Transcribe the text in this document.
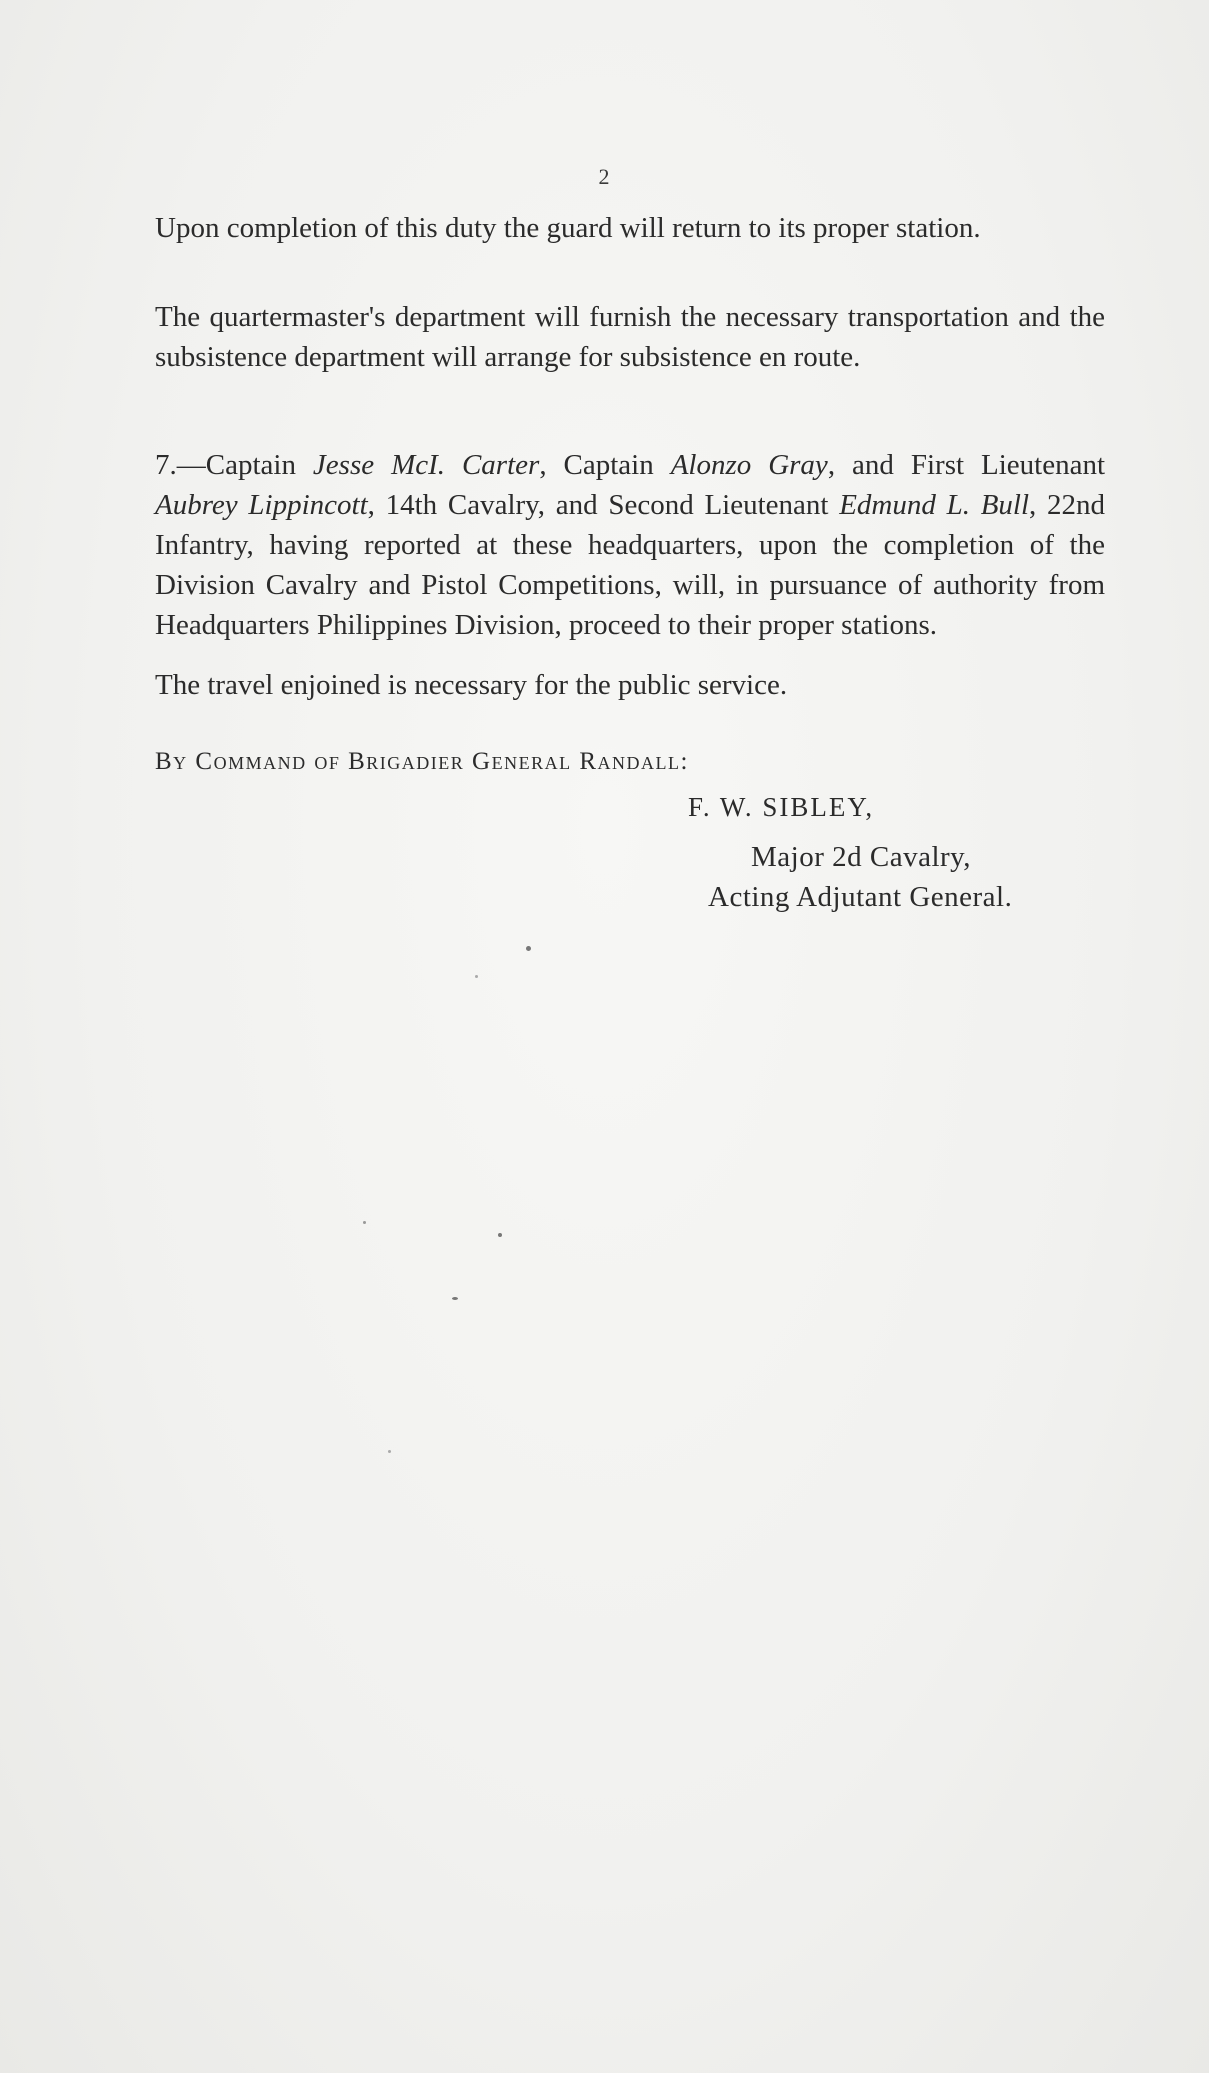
2

Upon completion of this duty the guard will return to its proper station.

The quartermaster's department will furnish the necessary transportation and the subsistence department will arrange for subsistence en route.

7.—Captain Jesse McI. Carter, Captain Alonzo Gray, and First Lieutenant Aubrey Lippincott, 14th Cavalry, and Second Lieutenant Edmund L. Bull, 22nd Infantry, having reported at these headquarters, upon the completion of the Division Cavalry and Pistol Competitions, will, in pursuance of authority from Headquarters Philippines Division, proceed to their proper stations.

The travel enjoined is necessary for the public service.

By Command of Brigadier General Randall:
F. W. SIBLEY,
Major 2d Cavalry,
Acting Adjutant General.
